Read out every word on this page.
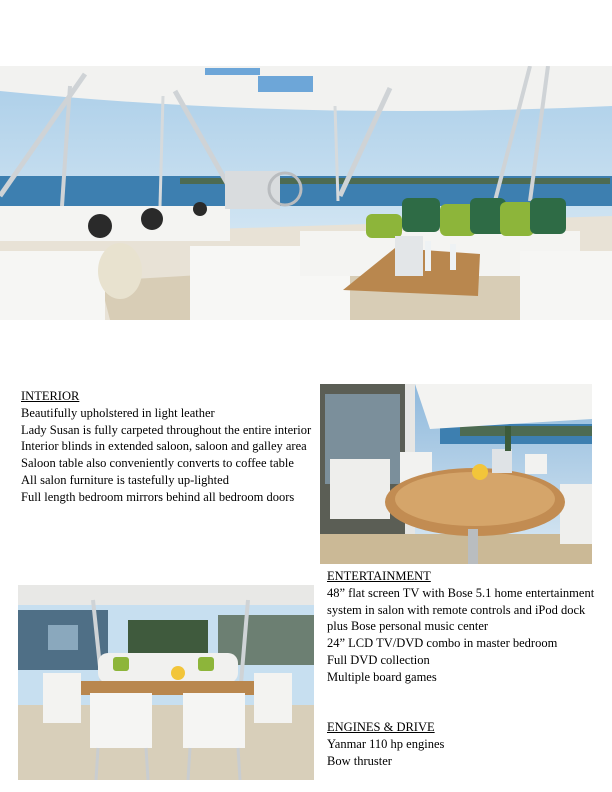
INTERIOR
Beautifully upholstered in light leather
Lady Susan is fully carpeted throughout the entire interior
Interior blinds in extended saloon, saloon and galley area
Saloon table also conveniently converts to coffee table
All salon furniture is tastefully up-lighted
Full length bedroom mirrors behind all bedroom doors
ENTERTAINMENT
48” flat screen TV with Bose 5.1 home entertainment system in salon with remote controls and iPod dock plus Bose personal music center
24” LCD TV/DVD combo in master bedroom
Full DVD collection
Multiple board games
ENGINES & DRIVE
Yanmar 110 hp engines
Bow thruster
